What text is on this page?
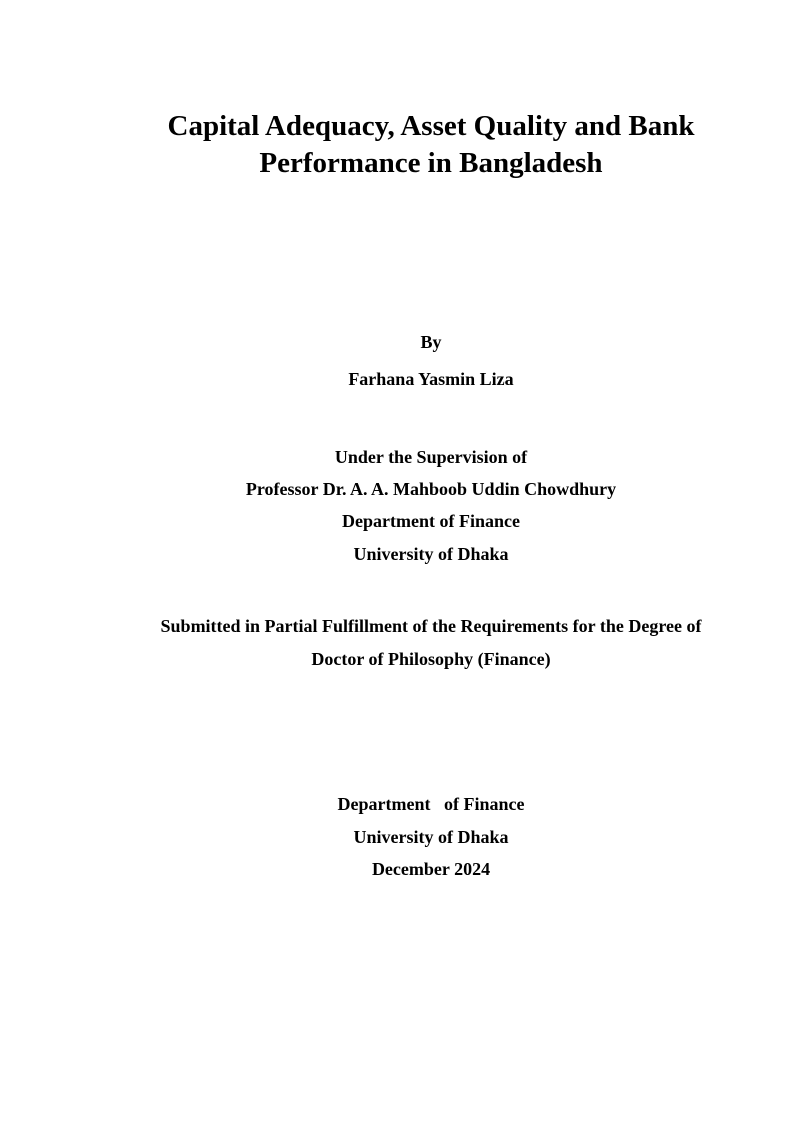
Capital Adequacy, Asset Quality and Bank
Performance in Bangladesh
By
Farhana Yasmin Liza
Under the Supervision of
Professor Dr. A. A. Mahboob Uddin Chowdhury
Department of Finance
University of Dhaka
Submitted in Partial Fulfillment of the Requirements for the Degree of
Doctor of Philosophy (Finance)
Department   of Finance
University of Dhaka
December 2024
